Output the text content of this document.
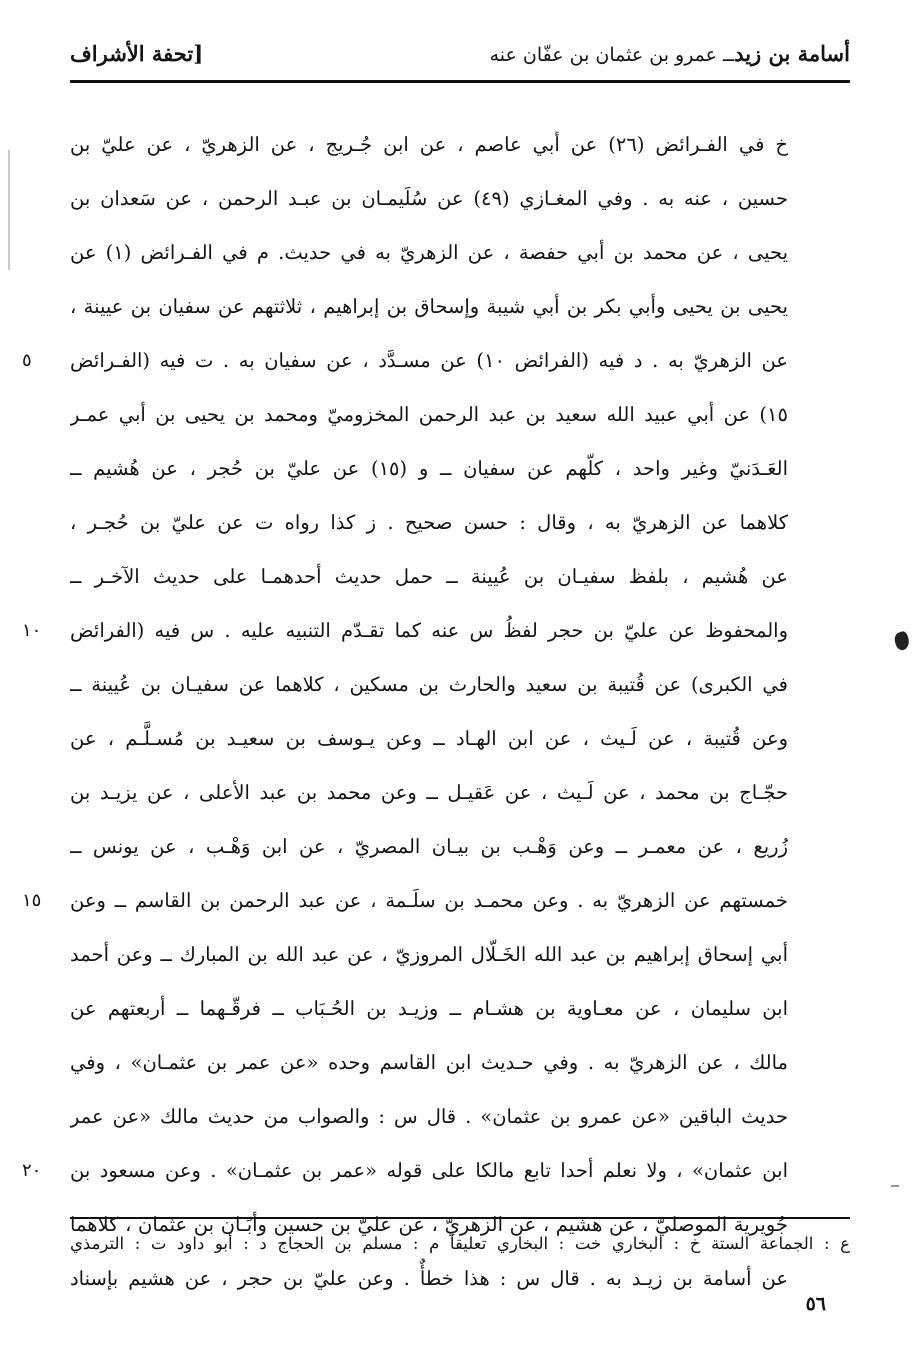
أسامة بن زيدــ عمرو بن عثمان بن عفّان عنه
[تحفة الأشراف
خ في الفـرائض (٢٦) عن أبي عاصم ، عن ابن جُـريج ، عن الزهريّ ، عن عليّ بن
حسين ، عنه به . وفي المغـازي (٤٩) عن سُلَيمـان بن عبـد الرحمن ، عن سَعدان بن
يحيى ، عن محمد بن أبي حفصة ، عن الزهريّ به في حديث. م في الفـرائض (١) عن
يحيى بن يحيى وأبي بكر بن أبي شيبة وإسحاق بن إبراهيم ، ثلاثتهم عن سفيان بن عيينة ،
عن الزهريّ به . د فيه (الفرائض ١٠) عن مسـدَّد ، عن سفيان به . ت فيه (الفـرائض
١٥) عن أبي عبيد الله سعيد بن عبد الرحمن المخزوميّ ومحمد بن يحيى بن أبي عمـر
العَـدَنيّ وغير واحد ، كلّهم عن سفيان ــ و (١٥) عن عليّ بن حُجر ، عن هُشيم ــ
كلاهما عن الزهريّ به ، وقال : حسن صحيح . ز كذا رواه ت عن عليّ بن حُجـر ،
عن هُشيم ، بلفظ سفيـان بن عُيينة ــ حمل حديث أحدهمـا على حديث الآخـر ــ
والمحفوظ عن عليّ بن حجر لفظُ س عنه كما تقـدّم التنبيه عليه . س فيه (الفرائض
في الكبرى) عن قُتيبة بن سعيد والحارث بن مسكين ، كلاهما عن سفيـان بن عُيينة ــ
وعن قُتيبة ، عن لَـيث ، عن ابن الهـاد ــ وعن يـوسف بن سعيـد بن مُسـلَّـم ، عن
حجّـاج بن محمد ، عن لَـيث ، عن عَقيـل ــ وعن محمد بن عبد الأعلى ، عن يزيـد بن
زُريع ، عن معمـر ــ وعن وَهْـب بن بيـان المصريّ ، عن ابن وَهْـب ، عن يونس ــ
خمستهم عن الزهريّ به . وعن محمـد بن سلَـمة ، عن عبد الرحمن بن القاسم ــ وعن
أبي إسحاق إبراهيم بن عبد الله الخَـلّال المروزيّ ، عن عبد الله بن المبارك ــ وعن أحمد
ابن سليمان ، عن معـاوية بن هشـام ــ وزيـد بن الحُـبَاب ــ فرقّـهما ــ أربعتهم عن
مالك ، عن الزهريّ به . وفي حـديث ابن القاسم وحده «عن عمر بن عثمـان» ، وفي
حديث الباقين «عن عمرو بن عثمان» . قال س : والصواب من حديث مالك «عن عمر
ابن عثمان» ، ولا نعلم أحدا تابع مالكا على قوله «عمر بن عثمـان» . وعن مسعود بن
جُويرية الموصليّ ، عن هشيم ، عن الزهريّ ، عن عليّ بن حسين وأبَـان بن عثمان ، كلاهما
عن أسامة بن زيـد به . قال س : هذا خطأٌ . وعن عليّ بن حجر ، عن هشيم بإسناد
٥
١٠
١٥
٢٠
ع : الجماعة الستة خ : البخاري خت : البخاري تعليقاً م : مسلم بن الحجاج د : أبو داود ت : الترمذي
٥٦
